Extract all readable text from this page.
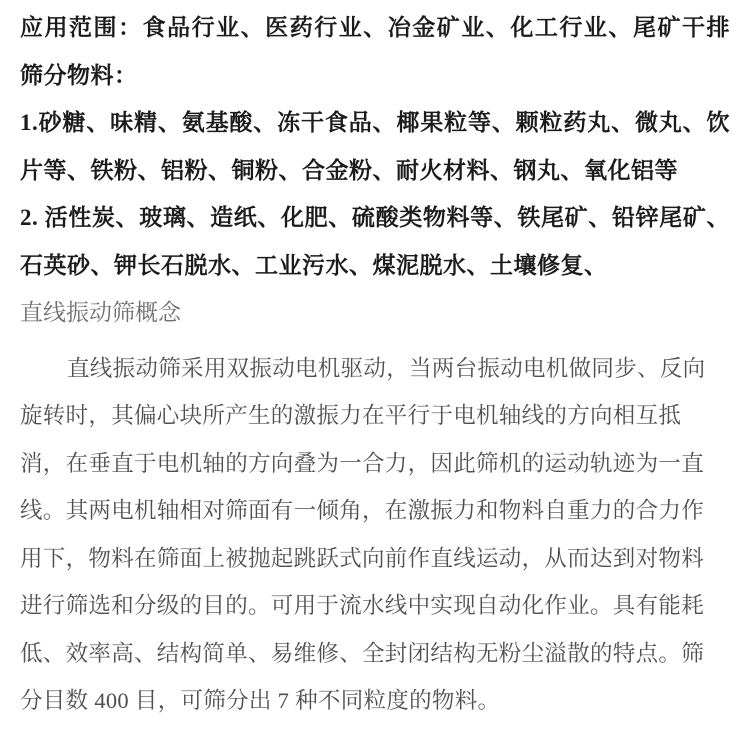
应用范围：食品行业、医药行业、冶金矿业、化工行业、尾矿干排
筛分物料：
1.砂糖、味精、氨基酸、冻干食品、椰果粒等、颗粒药丸、微丸、饮
片等、铁粉、铝粉、铜粉、合金粉、耐火材料、钢丸、氧化铝等
2. 活性炭、玻璃、造纸、化肥、硫酸类物料等、铁尾矿、铅锌尾矿、
石英砂、钾长石脱水、工业污水、煤泥脱水、土壤修复、
直线振动筛概念
直线振动筛采用双振动电机驱动，当两台振动电机做同步、反向
旋转时，其偏心块所产生的激振力在平行于电机轴线的方向相互抵
消，在垂直于电机轴的方向叠为一合力，因此筛机的运动轨迹为一直
线。其两电机轴相对筛面有一倾角，在激振力和物料自重力的合力作
用下，物料在筛面上被抛起跳跃式向前作直线运动，从而达到对物料
进行筛选和分级的目的。可用于流水线中实现自动化作业。具有能耗
低、效率高、结构简单、易维修、全封闭结构无粉尘溢散的特点。筛
分目数 400 目，可筛分出 7 种不同粒度的物料。
